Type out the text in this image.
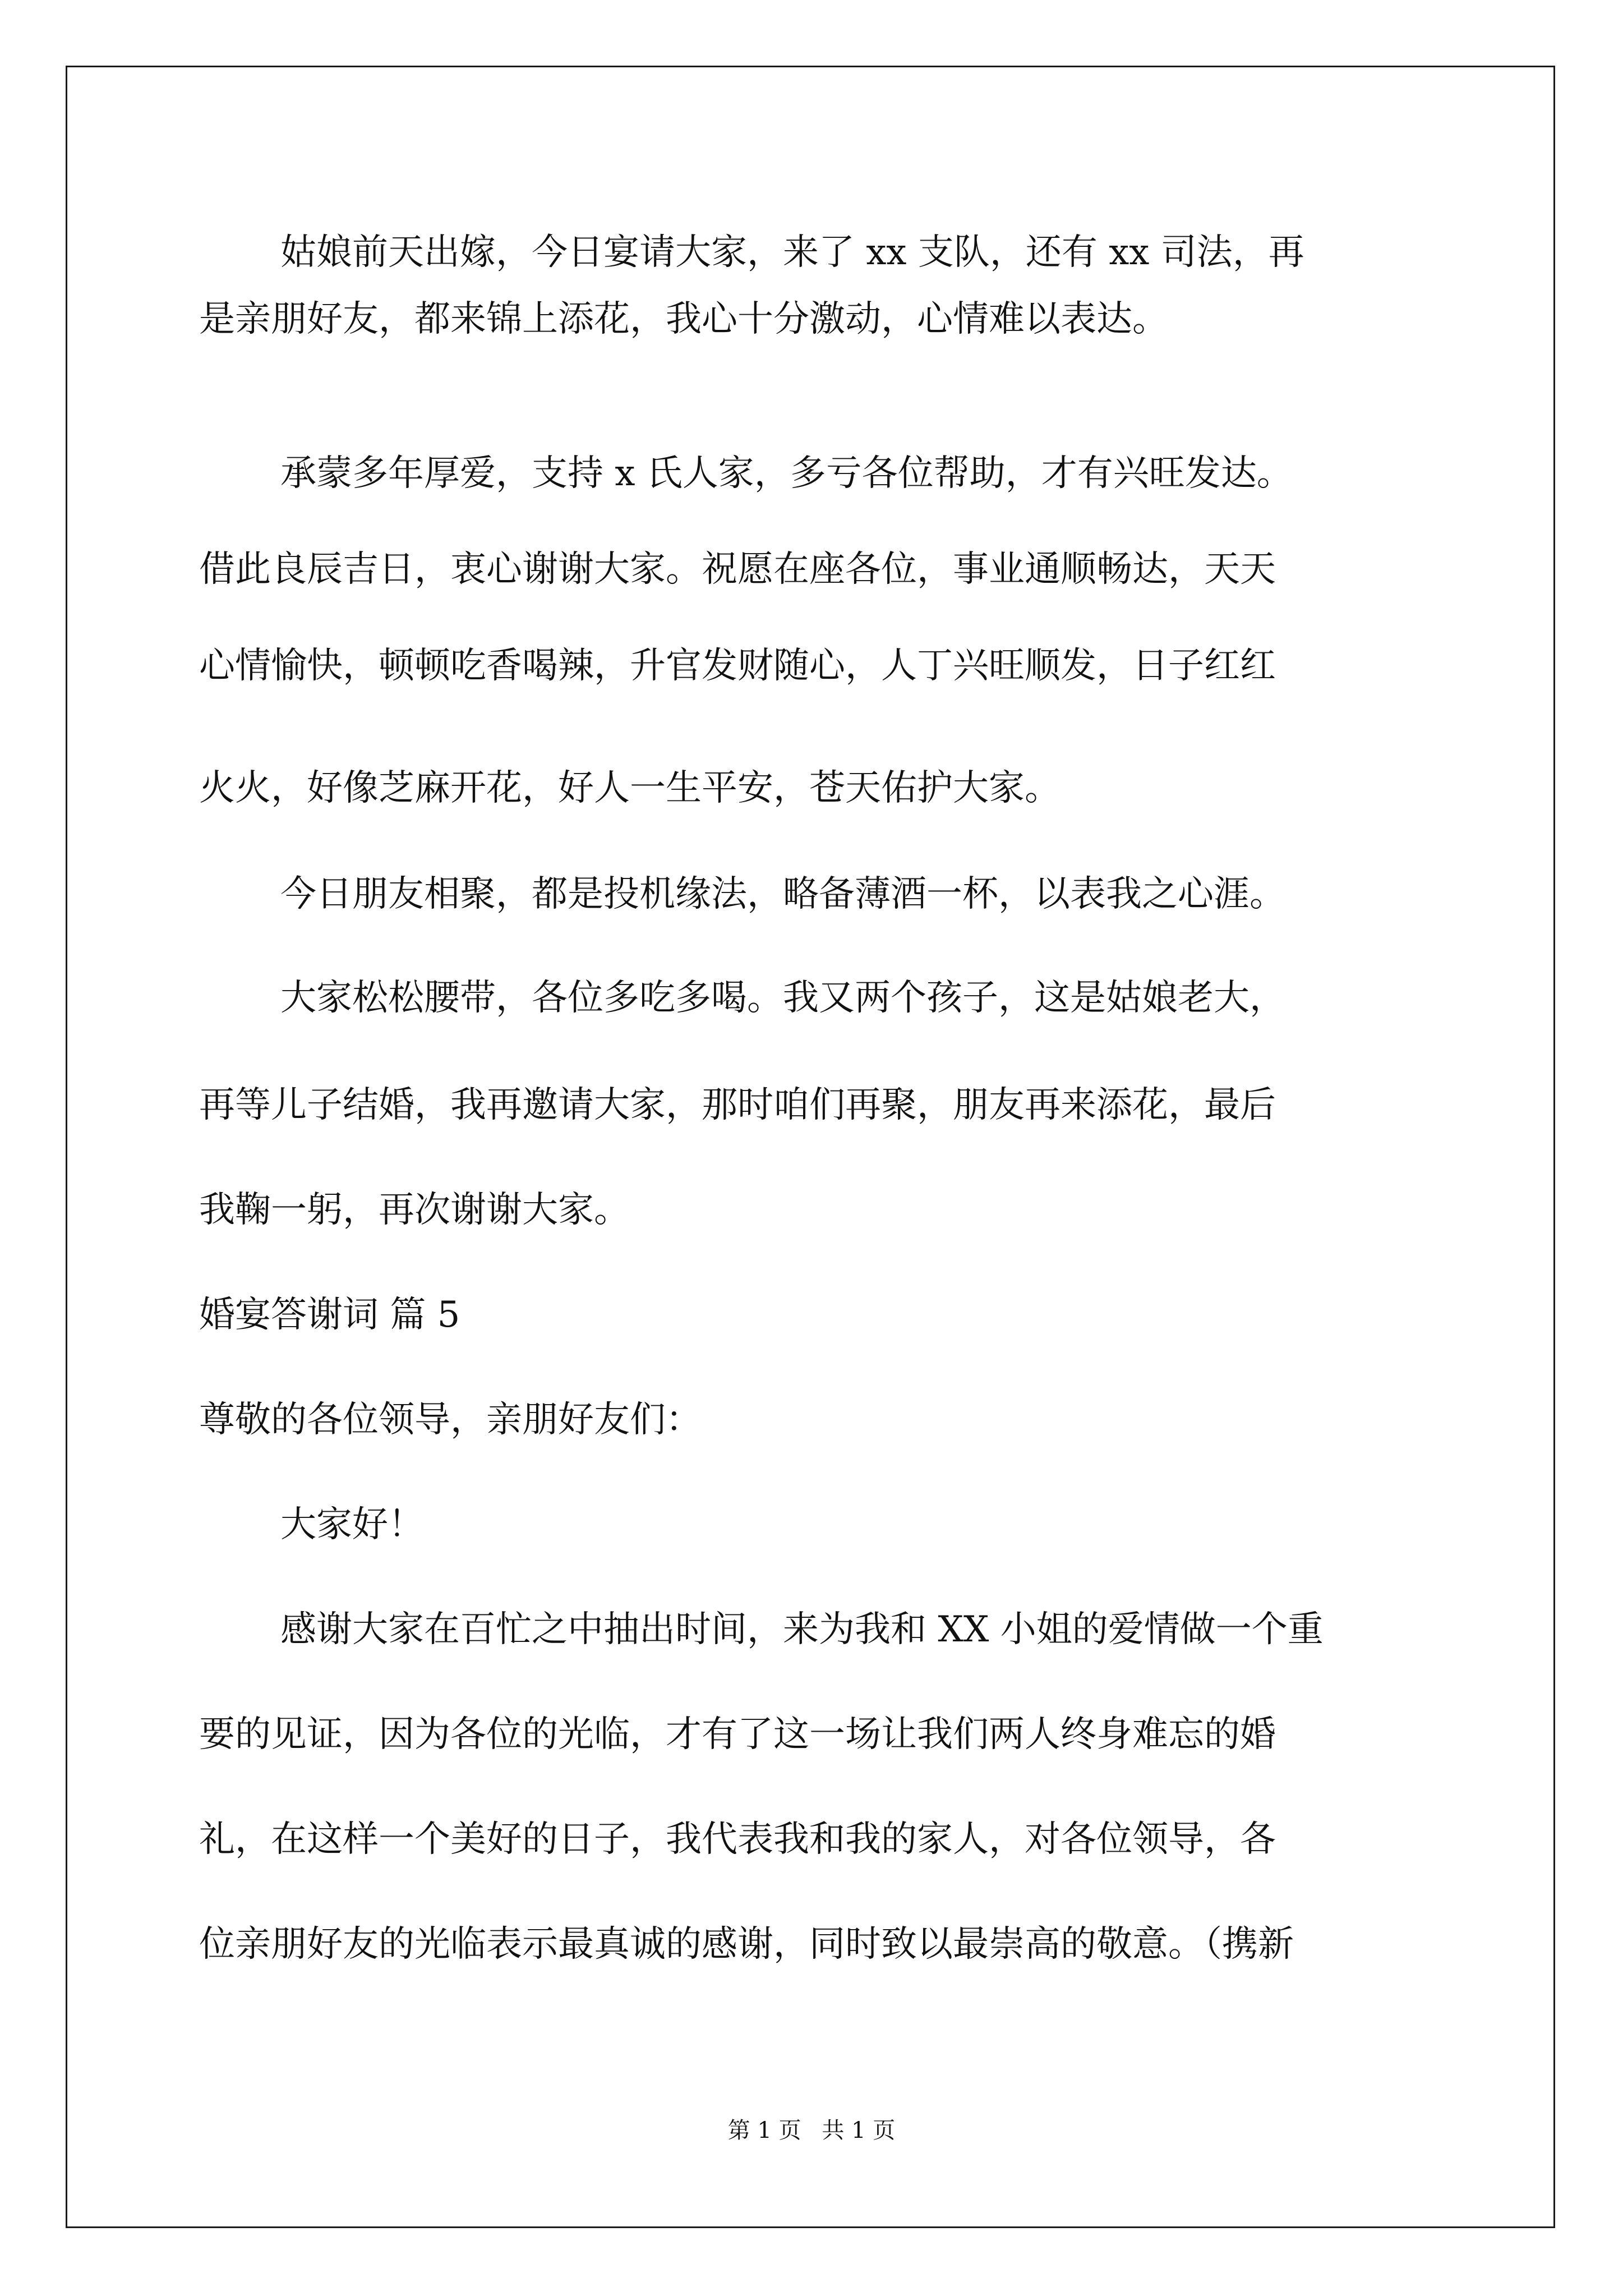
姑娘前天出嫁，今日宴请大家，来了 xx 支队，还有 xx 司法，再
是亲朋好友，都来锦上添花，我心十分激动，心情难以表达。
承蒙多年厚爱，支持 x 氏人家，多亏各位帮助，才有兴旺发达。
借此良辰吉日，衷心谢谢大家。祝愿在座各位，事业通顺畅达，天天
心情愉快，顿顿吃香喝辣，升官发财随心，人丁兴旺顺发，日子红红
火火，好像芝麻开花，好人一生平安，苍天佑护大家。
今日朋友相聚，都是投机缘法，略备薄酒一杯，以表我之心涯。
大家松松腰带，各位多吃多喝。我又两个孩子，这是姑娘老大，
再等儿子结婚，我再邀请大家，那时咱们再聚，朋友再来添花，最后
我鞠一躬，再次谢谢大家。
婚宴答谢词 篇 5
尊敬的各位领导，亲朋好友们：
大家好！
感谢大家在百忙之中抽出时间，来为我和 XX 小姐的爱情做一个重
要的见证，因为各位的光临，才有了这一场让我们两人终身难忘的婚
礼，在这样一个美好的日子，我代表我和我的家人，对各位领导，各
位亲朋好友的光临表示最真诚的感谢，同时致以最崇高的敬意。（携新
第 1 页 共 1 页
